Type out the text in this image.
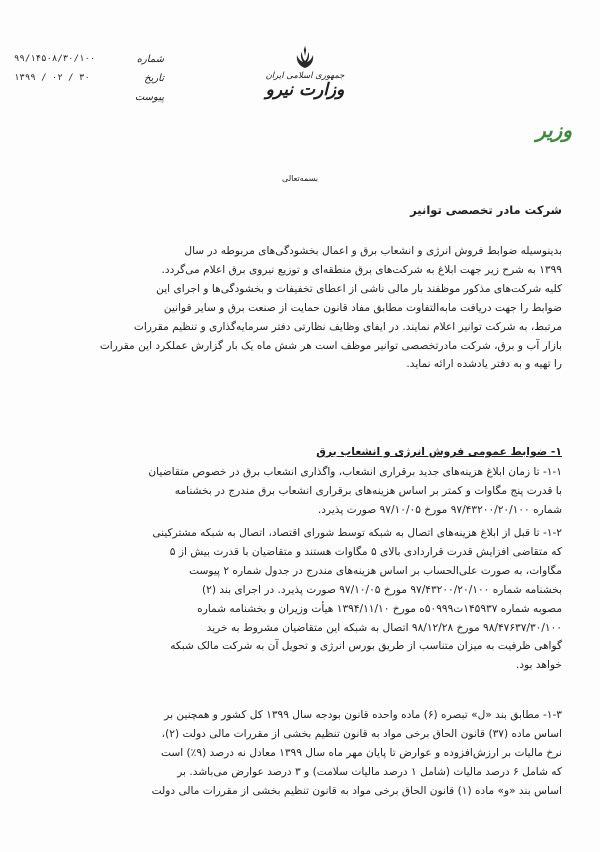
شماره
۹۹/۱۴۵۰۸/۳۰/۱۰۰
تاریخ
۱۳۹۹ / ۰۲ / ۳۰
پیوست
جمهوری اسلامی ایران
وزارت نیرو
وزیر
بسمه‌تعالی
شرکت مادر تخصصی توانیر

بدینوسیله ضوابط فروش انرژی و انشعاب برق و اعمال بخشودگی‌های مربوطه در سال

۱۳۹۹ به شرح زیر جهت ابلاغ به شرکت‌های برق منطقه‌ای و توزیع نیروی برق اعلام می‌گردد.

کلیه شرکت‌های مذکور موظفند بار مالی ناشی از اعطای تخفیفات و بخشودگی‌ها و اجرای این

ضوابط را جهت دریافت مابه‌التفاوت مطابق مفاد قانون حمایت از صنعت برق و سایر قوانین

مرتبط، به شرکت توانیر اعلام نمایند. در ایفای وظایف نظارتی دفتر سرمایه‌گذاری و تنظیم مقررات

بازار آب و برق، شرکت مادرتخصصی توانیر موظف است هر شش ماه یک بار گزارش عملکرد این مقررات

را تهیه و به دفتر یادشده ارائه نماید.

۱- ضوابط عمومی فروش انرژی و انشعاب برق

۱-۱- تا زمان ابلاغ هزینه‌های جدید برقراری انشعاب، واگذاری انشعاب برق در خصوص متقاضیان

با قدرت پنج مگاوات و کمتر بر اساس هزینه‌های برقراری انشعاب برق مندرج در بخشنامه

شماره ۹۷/۴۳۲۰۰/۲۰/۱۰۰ مورخ ۹۷/۱۰/۰۵ صورت پذیرد.

۱-۲- تا قبل از ابلاغ هزینه‌های اتصال به شبکه توسط شورای اقتصاد، اتصال به شبکه مشترکینی

که متقاضی افزایش قدرت قراردادی بالای ۵ مگاوات هستند و متقاضیان با قدرت بیش از ۵

مگاوات، به صورت علی‌الحساب بر اساس هزینه‌های مندرج در جدول شماره ۲ پیوست

بخشنامه شماره ۹۷/۴۳۲۰۰/۲۰/۱۰۰ مورخ ۹۷/۱۰/۰۵ صورت پذیرد. در اجرای بند (۲)

مصوبه شماره ۱۴۵۹۳۷ت۵۰۹۹۹ه مورخ ۱۳۹۴/۱۱/۱۰ هیأت وزیران و بخشنامه شماره

۹۸/۴۷۶۳۷/۳۰/۱۰۰ مورخ ۹۸/۱۲/۲۸ اتصال به شبکه این متقاضیان مشروط به خرید

گواهی ظرفیت به میزان متناسب از طریق بورس انرژی و تحویل آن به شرکت مالک شبکه

خواهد بود.

۱-۳- مطابق بند «ل» تبصره (۶) ماده واحده قانون بودجه سال ۱۳۹۹ کل کشور و همچنین بر

اساس ماده (۳۷) قانون الحاق برخی مواد به قانون تنظیم بخشی از مقررات مالی دولت (۲)،

نرخ مالیات بر ارزش‌افزوده و عوارض تا پایان مهر ماه سال ۱۳۹۹ معادل نه درصد (۹٪) است

که شامل ۶ درصد مالیات (شامل ۱ درصد مالیات سلامت) و ۳ درصد عوارض می‌باشد. بر

اساس بند «و» ماده (۱) قانون الحاق برخی مواد به قانون تنظیم بخشی از مقررات مالی دولت
